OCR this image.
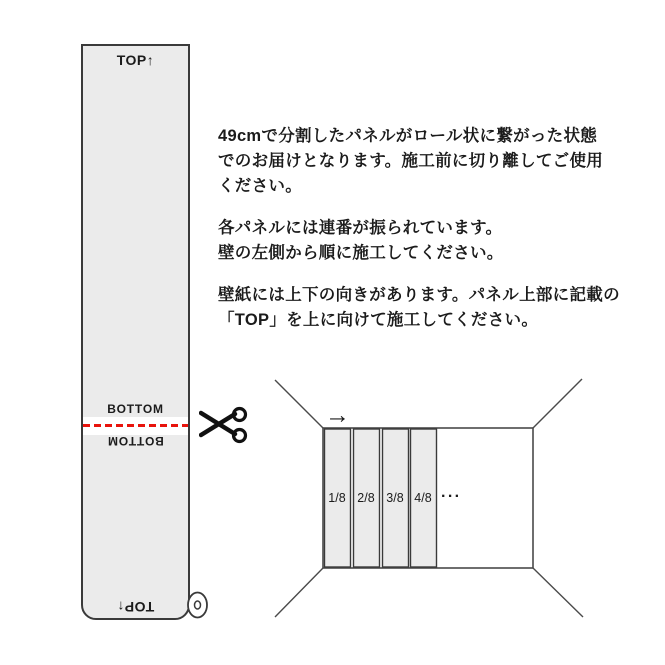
TOP↑
BOTTOM
BOTTOM
TOP↑

49cmで分割したパネルがロール状に繋がった状態
でのお届けとなります。施工前に切り離してご使用
ください。

各パネルには連番が振られています。
壁の左側から順に施工してください。

壁紙には上下の向きがあります。パネル上部に記載の
「TOP」を上に向けて施工してください。

1/8 2/8 3/8 4/8 ···
→
